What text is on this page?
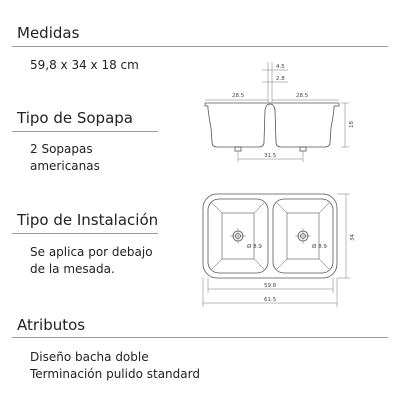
Medidas
59,8 x 34 x 18 cm
Tipo de Sopapa
2 Sopapas
americanas
Tipo de Instalación
Se aplica por debajo
de la mesada.
Atributos
Diseño bacha doble
Terminación pulido standard
4.5
2.8
28.5	28.5
18
31.5
34
Ø 8.9	Ø 8.9
59.8
61.5
